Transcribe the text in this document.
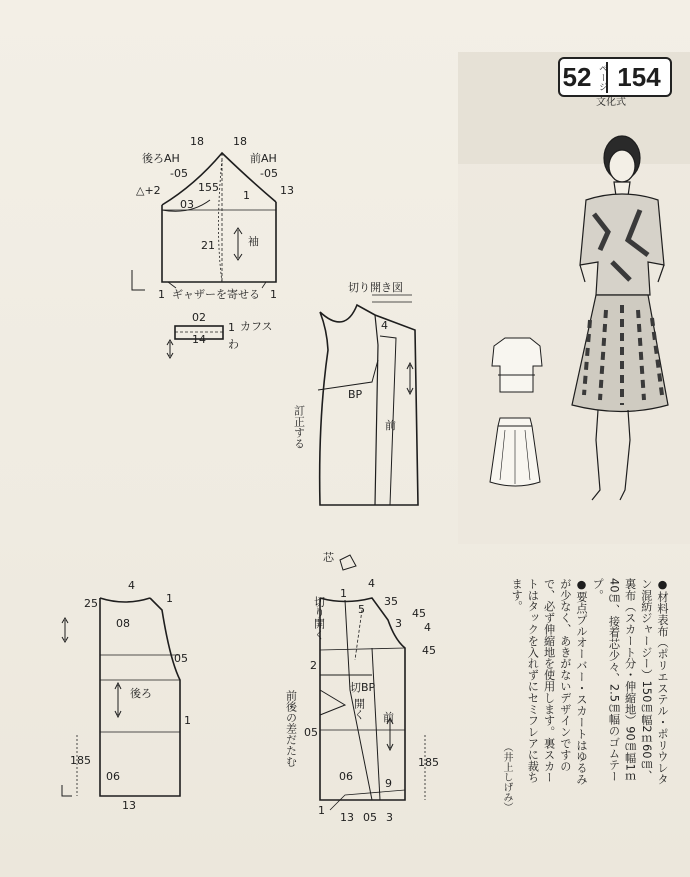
52 ページ 154
文化式
18	18
後ろAH	前AH
-05	-05
△+2	155	13
1
03
21	袖
1 ギャザーを寄せる 1
02
1 カフス
14 わ
切り開き図
4
BP
前
訂正する
4
25	1
08
05
後ろ
1
185
06
13
芯
1
4
35
5	45
3 4
45
切り開く
2
切BP
開く 前
前後の差だたむ 05
185
06
9
1
13 05 3

●材料表布（ポリエステル・ポリウレタン混紡ジャージー）150㎝幅2ｍ60㎝、裏布（スカート分・伸縮地）90㎝幅1ｍ40㎝、接着芯少々、2.5㎝幅のゴムテープ。

●要点プルオーバー・スカートはゆるみが少なく、あきがないデザインですので、必ず伸縮地を使用します。裏スカートはタックを入れずにセミフレアに裁ちます。

（井上しげみ）
